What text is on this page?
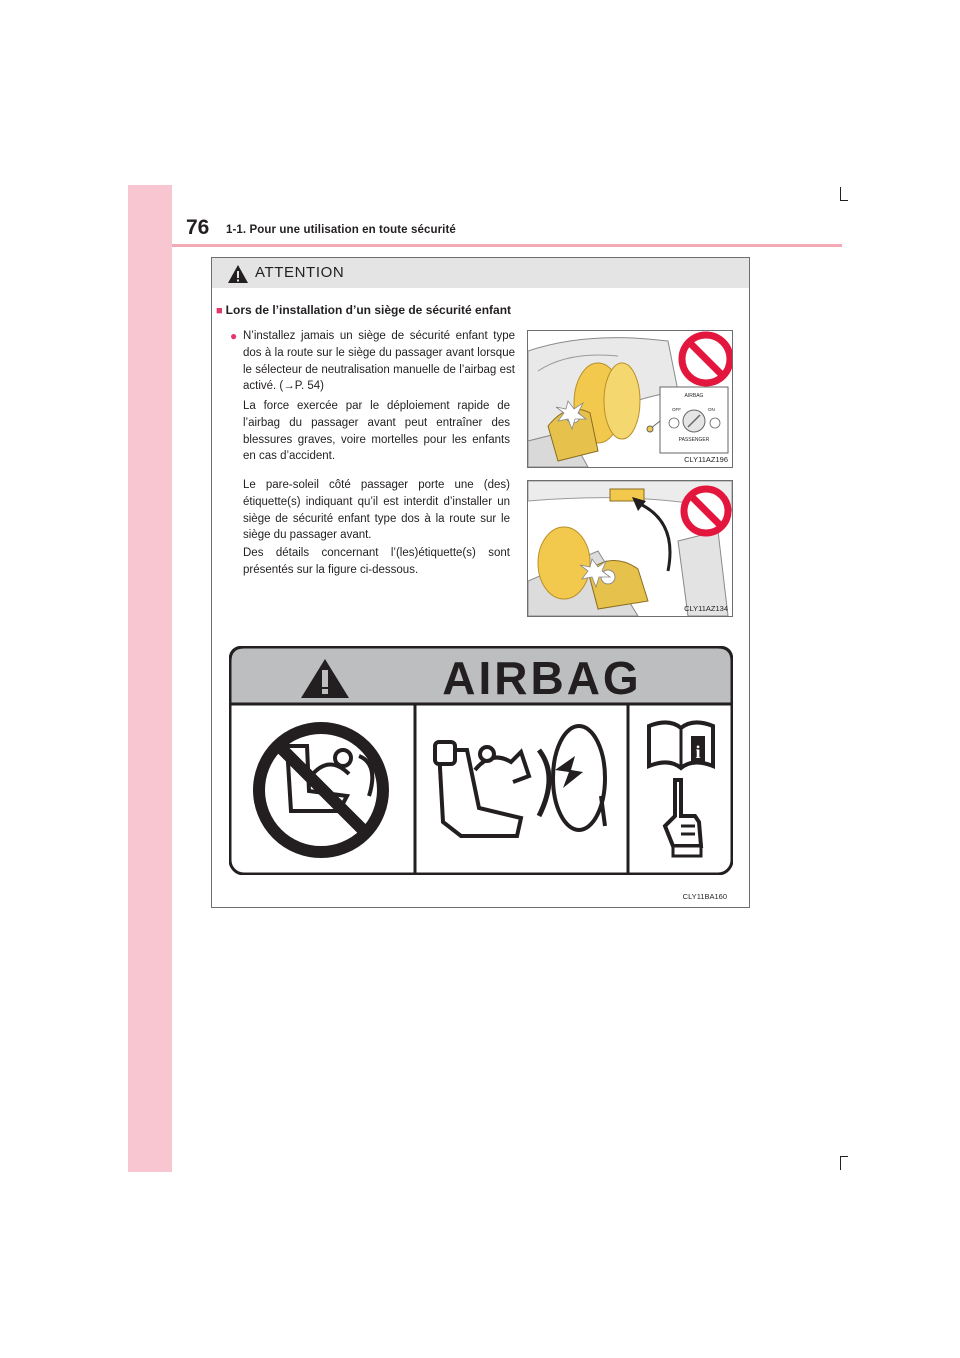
76 1-1. Pour une utilisation en toute sécurité
ATTENTION
■ Lors de l’installation d’un siège de sécurité enfant
● N’installez jamais un siège de sécurité enfant type dos à la route sur le siège du passager avant lorsque le sélecteur de neutralisation manuelle de l’airbag est activé. (→P. 54)
La force exercée par le déploiement rapide de l’airbag du passager avant peut entraîner des blessures graves, voire mortelles pour les enfants en cas d’accident.
Le pare-soleil côté passager porte une (des) étiquette(s) indiquant qu’il est interdit d’installer un siège de sécurité enfant type dos à la route sur le siège du passager avant.
Des détails concernant l’(les)étiquette(s) sont présentés sur la figure ci-dessous.
AIRBAG
OFF	ON
PASSENGER
CLY11AZ196
CLY11AZ134
AIRBAG
i
CLY11BA160
